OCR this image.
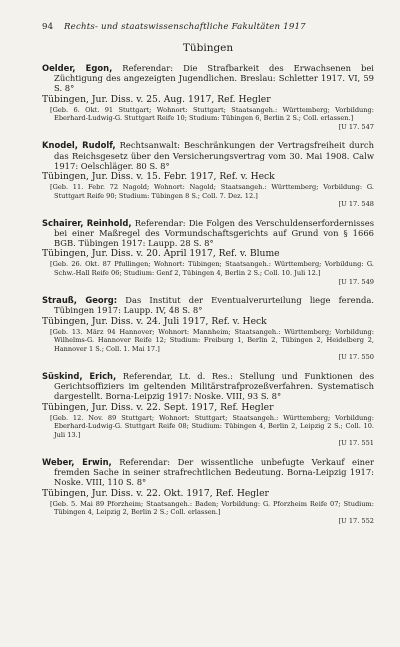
94	Rechts- und staatswissenschaftliche Fakultäten 1917
Tübingen

Oelder, Egon, Referendar: Die Strafbarkeit des Erwachsenen bei Züchtigung des angezeigten Jugendlichen. Breslau: Schletter 1917. VI, 59 S. 8°

Tübingen, Jur. Diss. v. 25. Aug. 1917, Ref. Hegler

[Geb. 6. Okt. 91 Stuttgart; Wohnort: Stuttgart; Staatsangeh.: Württemberg; Vorbildung: Eberhard-Ludwig-G. Stuttgart Reife 10; Studium: Tübingen 6, Berlin 2 S.; Coll. erlassen.]

[U 17. 547

Knodel, Rudolf, Rechtsanwalt: Beschränkungen der Vertragsfreiheit durch das Reichsgesetz über den Versicherungsvertrag vom 30. Mai 1908. Calw 1917: Oelschläger. 80 S. 8°

Tübingen, Jur. Diss. v. 15. Febr. 1917, Ref. v. Heck

[Geb. 11. Febr. 72 Nagold; Wohnort: Nagold; Staatsangeh.: Württemberg; Vorbildung: G. Stuttgart Reife 90; Studium: Tübingen 8 S.; Coll. 7. Dez. 12.]

[U 17. 548

Schairer, Reinhold, Referendar: Die Folgen des Verschuldenserfordernisses bei einer Maßregel des Vormundschaftsgerichts auf Grund von § 1666 BGB. Tübingen 1917: Laupp. 28 S. 8°

Tübingen, Jur. Diss. v. 20. April 1917, Ref. v. Blume

[Geb. 26. Okt. 87 Pfullingen; Wohnort: Tübingen; Staatsangeh.: Württemberg; Vorbildung: G. Schw.-Hall Reife 06; Studium: Genf 2, Tübingen 4, Berlin 2 S.; Coll. 10. Juli 12.]

[U 17. 549

Strauß, Georg: Das Institut der Eventualverurteilung liege ferenda. Tübingen 1917: Laupp. IV, 48 S. 8°

Tübingen, Jur. Diss. v. 24. Juli 1917, Ref. v. Heck

[Geb. 13. März 94 Hannover; Wohnort: Mannheim; Staatsangeh.: Württemberg; Vorbildung: Wilhelms-G. Hannover Reife 12; Studium: Freiburg 1, Berlin 2, Tübingen 2, Heidelberg 2, Hannover 1 S.; Coll. 1. Mai 17.]

[U 17. 550

Süskind, Erich, Referendar, Lt. d. Res.: Stellung und Funktionen des Gerichtsoffiziers im geltenden Militärstrafprozeßverfahren. Systematisch dargestellt. Borna-Leipzig 1917: Noske. VIII, 93 S. 8°

Tübingen, Jur. Diss. v. 22. Sept. 1917, Ref. Hegler

[Geb. 12. Nov. 89 Stuttgart; Wohnort: Stuttgart; Staatsangeh.: Württemberg; Vorbildung: Eberhard-Ludwig-G. Stuttgart Reife 08; Studium: Tübingen 4, Berlin 2, Leipzig 2 S.; Coll. 10. Juli 13.]

[U 17. 551

Weber, Erwin, Referendar: Der wissentliche unbefugte Verkauf einer fremden Sache in seiner strafrechtlichen Bedeutung. Borna-Leipzig 1917: Noske. VIII, 110 S. 8°

Tübingen, Jur. Diss. v. 22. Okt. 1917, Ref. Hegler

[Geb. 5. Mai 89 Pforzheim; Staatsangeh.: Baden; Vorbildung: G. Pforzheim Reife 07; Studium: Tübingen 4, Leipzig 2, Berlin 2 S.; Coll. erlassen.]

[U 17. 552
